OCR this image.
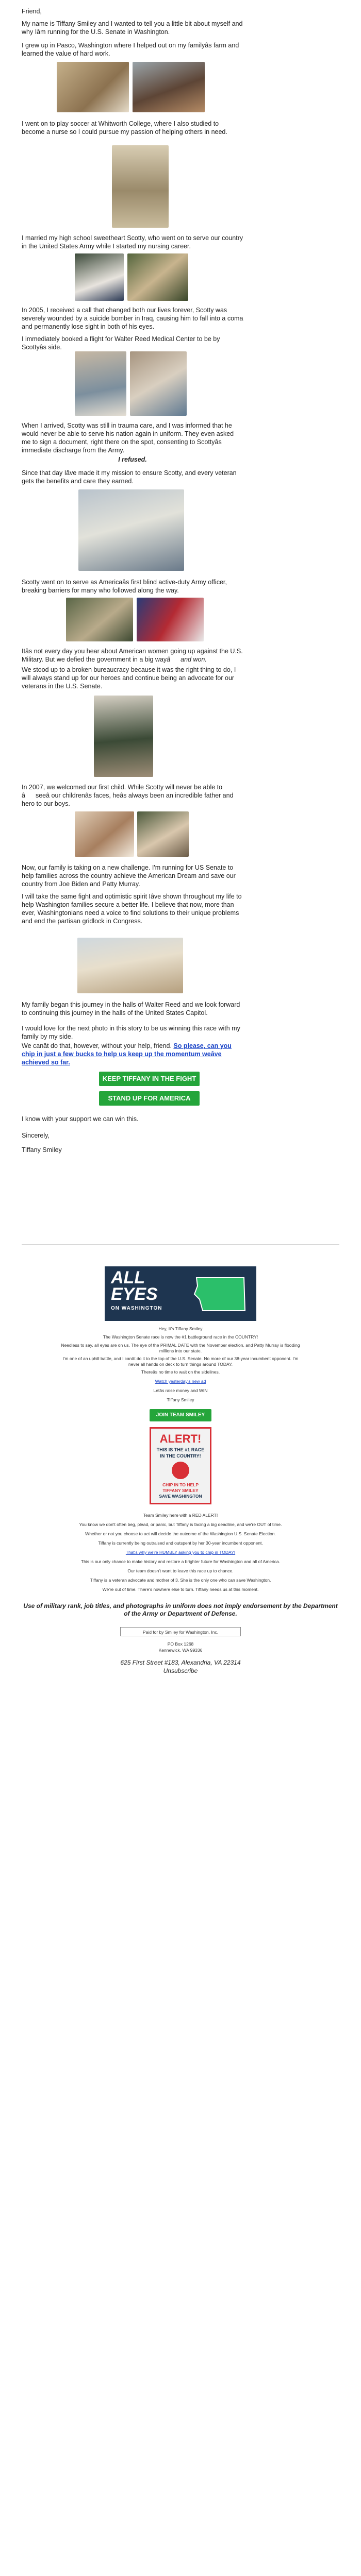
Friend,

My name is Tiffany Smiley and I wanted to tell you a little bit about myself and why Iâm running for the U.S. Senate in Washington.

I grew up in Pasco, Washington where I helped out on my familyâs farm and learned the value of hard work.

I went on to play soccer at Whitworth College, where I also studied to become a nurse so I could pursue my passion of helping others in need.

I married my high school sweetheart Scotty, who went on to serve our country in the United States Army while I started my nursing career.

In 2005, I received a call that changed both our lives forever, Scotty was severely wounded by a suicide bomber in Iraq, causing him to fall into a coma and permanently lose sight in both of his eyes.

I immediately booked a flight for Walter Reed Medical Center to be by Scottyâs side.

When I arrived, Scotty was still in trauma care, and I was informed that he would never be able to serve his nation again in uniform. They even asked me to sign a document, right there on the spot, consenting to Scottyâs immediate discharge from the Army.

I refused.

Since that day Iâve made it my mission to ensure Scotty, and every veteran gets the benefits and care they earned.

Scotty went on to serve as Americaâs first blind active-duty Army officer, breaking barriers for many who followed along the way.

Itâs not every day you hear about American women going up against the U.S. Military. But we defied the government in a big wayâand won.

We stood up to a broken bureaucracy because it was the right thing to do, I will always stand up for our heroes and continue being an advocate for our veterans in the U.S. Senate.

In 2007, we welcomed our first child. While Scotty will never be able to âseeâ our childrenâs faces, heâs always been an incredible father and hero to our boys.

Now, our family is taking on a new challenge. I'm running for US Senate to help families across the country achieve the American Dream and save our country from Joe Biden and Patty Murray.

I will take the same fight and optimistic spirit Iâve shown throughout my life to help Washington families secure a better life. I believe that now, more than ever, Washingtonians need a voice to find solutions to their unique problems and end the partisan gridlock in Congress.

My family began this journey in the halls of Walter Reed and we look forward to continuing this journey in the halls of the United States Capitol.

I would love for the next photo in this story to be us winning this race with my family by my side.

We canât do that, however, without your help, friend. So please, can you chip in just a few bucks to help us keep up the momentum weâve achieved so far.

KEEP TIFFANY IN THE FIGHT
STAND UP FOR AMERICA

I know with your support we can win this.

Sincerely,

Tiffany Smiley

ALL
EYES
ON WASHINGTON
Hey, It's Tiffany Smiley
The Washington Senate race is now the #1 battleground race in the COUNTRY!
Needless to say, all eyes are on us. The eye of the PRIMAL DATE with the November election, and Patty Murray is flooding millions into our state.
I'm one of an uphill battle, and I canât do it to the top of the U.S. Senate. No more of our 38-year incumbent opponent. I'm never all hands on deck to turn things around TODAY.
Thereâs no time to wait on the sidelines.
Watch yesterday's new ad
Letâs raise money and WIN
Tiffany Smiley
JOIN TEAM SMILEY
ALERT!
THIS IS THE #1 RACE
IN THE COUNTRY!
CHIP IN TO HELP
TIFFANY SMILEY
SAVE WASHINGTON
Team Smiley here with a RED ALERT!
You know we don't often beg, plead, or panic, but Tiffany is facing a big deadline, and we're OUT of time.
Whether or not you choose to act will decide the outcome of the Washington U.S. Senate Election.
Tiffany is currently being outraised and outspent by her 30-year incumbent opponent.
That's why we're HUMBLY asking you to chip in TODAY!
This is our only chance to make history and restore a brighter future for Washington and all of America.
Our team doesn't want to leave this race up to chance.
Tiffany is a veteran advocate and mother of 3. She is the only one who can save Washington.
We're out of time. There's nowhere else to turn. Tiffany needs us at this moment.
Use of military rank, job titles, and photographs in uniform does not imply endorsement by the Department of the Army or Department of Defense.
Paid for by Smiley for Washington, Inc.
PO Box 1268
Kennewick, WA 99336
625 First Street #183, Alexandria, VA 22314
Unsubscribe
